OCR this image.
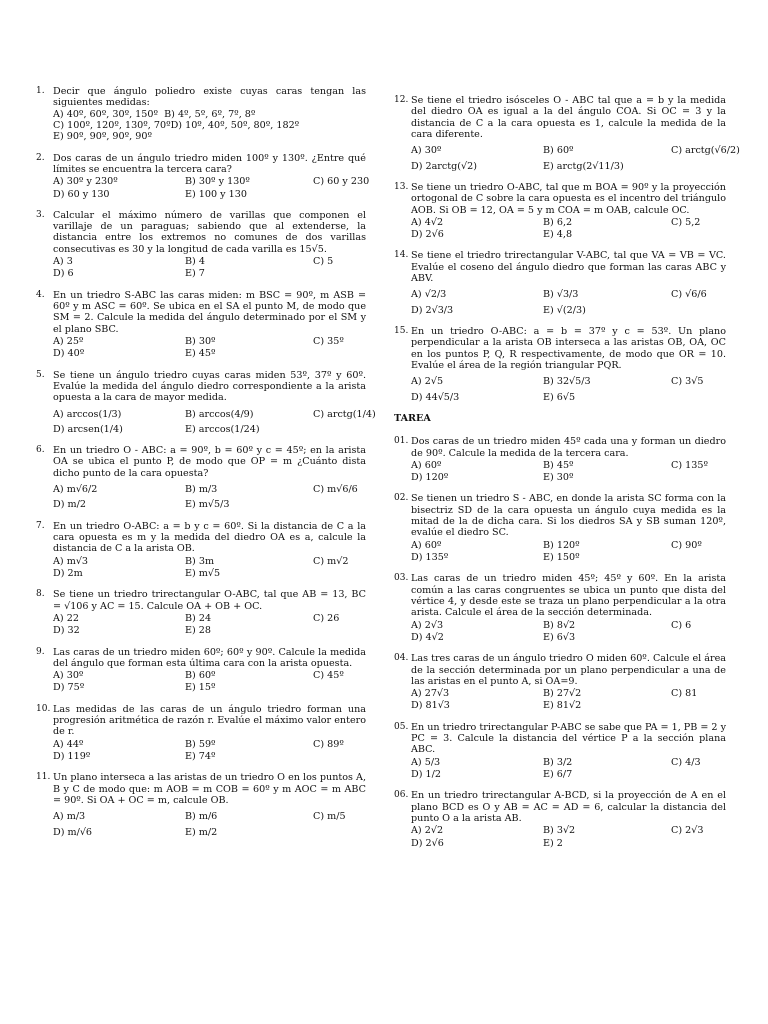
1. Decir que ángulo poliedro existe cuyas caras tengan las siguientes medidas:
A) 40º, 60º, 30º, 150º  B) 4º, 5º, 6º, 7º, 8º
C) 100º, 120º, 130º, 70ºD) 10º, 40º, 50º, 80º, 182º
E) 90º, 90º, 90º, 90º
2. Dos caras de un ángulo triedro miden 100º y 130º. ¿Entre qué límites se encuentra la tercera cara?
A) 30º y 230º	B) 30º y 130º	C) 60 y 230
D) 60 y 130	E) 100 y 130
3. Calcular el máximo número de varillas que componen el varillaje de un paraguas; sabiendo que al extenderse, la distancia entre los extremos no comunes de dos varillas consecutivas es 30 y la longitud de cada varilla es 15√5.
A) 3	B) 4	C) 5
D) 6	E) 7
4. En un triedro S-ABC las caras miden: m BSC = 90º, m ASB = 60º y m ASC = 60º. Se ubica en el SA el punto M, de modo que SM = 2. Calcule la medida del ángulo determinado por el SM y el plano SBC.
A) 25º	B) 30º	C) 35º
D) 40º	E) 45º
5. Se tiene un ángulo triedro cuyas caras miden 53º, 37º y 60º. Evalúe la medida del ángulo diedro correspondiente a la arista opuesta a la cara de mayor medida.
A) arccos(1/3)	B) arccos(4/9)	C) arctg(1/4)
D) arcsen(1/4)	E) arccos(1/24)
6. En un triedro O - ABC: a = 90º, b = 60º y c = 45º; en la arista OA se ubica el punto P, de modo que OP = m ¿Cuánto dista dicho punto de la cara opuesta?
A) m√6/2	B) m/3	C) m√6/6
D) m/2	E) m√5/3
7. En un triedro O-ABC: a = b y c = 60º. Si la distancia de C a la cara opuesta es m y la medida del diedro OA es a, calcule la distancia de C a la arista OB.
A) m√3	B) 3m	C) m√2
D) 2m	E) m√5
8. Se tiene un triedro trirectangular O-ABC, tal que AB = 13, BC = √106 y AC = 15. Calcule OA + OB + OC.
A) 22	B) 24	C) 26
D) 32	E) 28
9. Las caras de un triedro miden 60º; 60º y 90º. Calcule la medida del ángulo que forman esta última cara con la arista opuesta.
A) 30º	B) 60º	C) 45º
D) 75º	E) 15º
10. Las medidas de las caras de un ángulo triedro forman una progresión aritmética de razón r. Evalúe el máximo valor entero de r.
A) 44º	B) 59º	C) 89º
D) 119º	E) 74º
11. Un plano interseca a las aristas de un triedro O en los puntos A, B y C de modo que: m AOB = m COB = 60º y m AOC = m ABC = 90º. Si OA + OC = m, calcule OB.
A) m/3	B) m/6	C) m/5
D) m/√6	E) m/2
12. Se tiene el triedro isósceles O - ABC tal que a = b y la medida del diedro OA es igual a la del ángulo COA. Si OC = 3 y la distancia de C a la cara opuesta es 1, calcule la medida de la cara diferente.
A) 30º	B) 60º	C) arctg(√6/2)
D) 2arctg(√2)	E) arctg(2√11/3)
13. Se tiene un triedro O-ABC, tal que m BOA = 90º y la proyección ortogonal de C sobre la cara opuesta es el incentro del triángulo AOB. Si OB = 12, OA = 5 y m COA = m OAB, calcule OC.
A) 4√2	B) 6,2	C) 5,2
D) 2√6	E) 4,8
14. Se tiene el triedro trirectangular V-ABC, tal que VA = VB = VC. Evalúe el coseno del ángulo diedro que forman las caras ABC y ABV.
A) √2/3	B) √3/3	C) √6/6
D) 2√3/3	E) √(2/3)
15. En un triedro O-ABC: a = b = 37º y c = 53º. Un plano perpendicular a la arista OB interseca a las aristas OB, OA, OC en los puntos P, Q, R respectivamente, de modo que OR = 10. Evalúe el área de la región triangular PQR.
A) 2√5	B) 32√5/3	C) 3√5
D) 44√5/3	E) 6√5
TAREA
01. Dos caras de un triedro miden 45º cada una y forman un diedro de 90º. Calcule la medida de la tercera cara.
A) 60º	B) 45º	C) 135º
D) 120º	E) 30º
02. Se tienen un triedro S - ABC, en donde la arista SC forma con la bisectriz SD de la cara opuesta un ángulo cuya medida es la mitad de la de dicha cara. Si los diedros SA y SB suman 120º, evalúe el diedro SC.
A) 60º	B) 120º	C) 90º
D) 135º	E) 150º
03. Las caras de un triedro miden 45º; 45º y 60º. En la arista común a las caras congruentes se ubica un punto que dista del vértice 4, y desde este se traza un plano perpendicular a la otra arista. Calcule el área de la sección determinada.
A) 2√3	B) 8√2	C) 6
D) 4√2	E) 6√3
04. Las tres caras de un ángulo triedro O miden 60º. Calcule el área de la sección determinada por un plano perpendicular a una de las aristas en el punto A, si OA=9.
A) 27√3	B) 27√2	C) 81
D) 81√3	E) 81√2
05. En un triedro trirectangular P-ABC se sabe que PA = 1, PB = 2 y PC = 3. Calcule la distancia del vértice P a la sección plana ABC.
A) 5/3	B) 3/2	C) 4/3
D) 1/2	E) 6/7
06. En un triedro trirectangular A-BCD, si la proyección de A en el plano BCD es O y AB = AC = AD = 6, calcular la distancia del punto O a la arista AB.
A) 2√2	B) 3√2	C) 2√3
D) 2√6	E) 2
